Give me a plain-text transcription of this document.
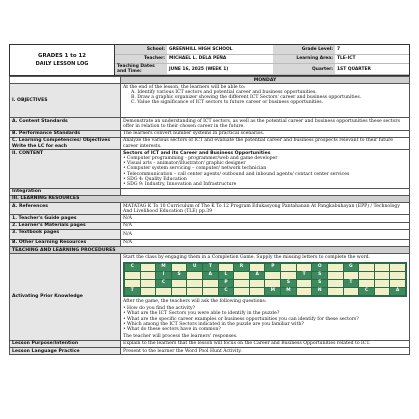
GRADES 1 to 12
DAILY LESSON LOG
School: GREENHILL HIGH SCHOOL	Grade Level: 7
Teacher: MICHAEL L. DELA PEÑA	Learning Area: TLE-ICT
Teaching Dates and Time:	JUNE 16, 2025 (WEEK 1)	Quarter: 1ST QUARTER
	MONDAY
I. OBJECTIVES	
At the end of the lesson, the learners will be able to:
A. Identify various ICT sectors and potential career and business opportunities.
B. Draw a graphic organizer showing the different ICT Sectors' career and business opportunities.
C. Value the significance of ICT sectors to future career or business opportunities.

A. Content Standards	Demonstrate an understanding of ICT sectors, as well as the potential career and business opportunities these sectors offer in relation to their chosen career in the future.
B. Performance Standards	The learners convert number systems in practical scenarios.
C. Learning Competencies/ Objectives Write the LC for each	Analyze the various sectors of ICT and evaluate the potential career and business prospects relevant to their future career interests.
II. CONTENT	Sectors of ICT and its Career and Business Opportunities
• Computer programming - programmer/web and game developer
• Visual arts – animator/illustrator/ graphic designer
• Computer system servicing – computer/ network technician
• Telecommunication – call center agents/ outbound and inbound agents/ contact center services
• SDG 4: Quality Education
• SDG 9: Industry, Innovation and Infrastructure

Integration	
III. LEARNING RESOURCES
A. References	MATATAG K To 10 Curriculum of The K To 12 Program Edukasyong Pantahanan At Pangkabuhayan (EPP) / Technology And Livelihood Education (TLE) pp.39
1. Teacher's Guide pages	N/A
2. Learner's Materials pages	N/A
3. Textbook pages	N/A
B. Other Learning Resources	N/A
TEACHING AND LEARNING PROCEDURES
Activating Prior Knowledge	
Start the class by engaging them in a Completion Game. Supply the missing letters to complete the word.
C		M		U	T		R		P			O		G			
		I	S		A	L		A			T	S					
		C				P				S		S		T			
T						C			M	M		N			C		A
After the game, the teachers will ask the following questions:
• How do you find the activity?
• What are the ICT Sectors you were able to identify in the puzzle?
• What are the specific career examples or business opportunities you can identify for these sectors?
• Which among the ICT Sectors indicated in the puzzle are you familiar with?
• What do these sectors have in common?
The teacher will process the learners' responses.

Lesson Purpose/Intention	Explain to the learners that the lesson will focus on the Career and Business Opportunities related to ICT.
Lesson Language Practice	Present to the learner the Word Pool Hunt Activity.
